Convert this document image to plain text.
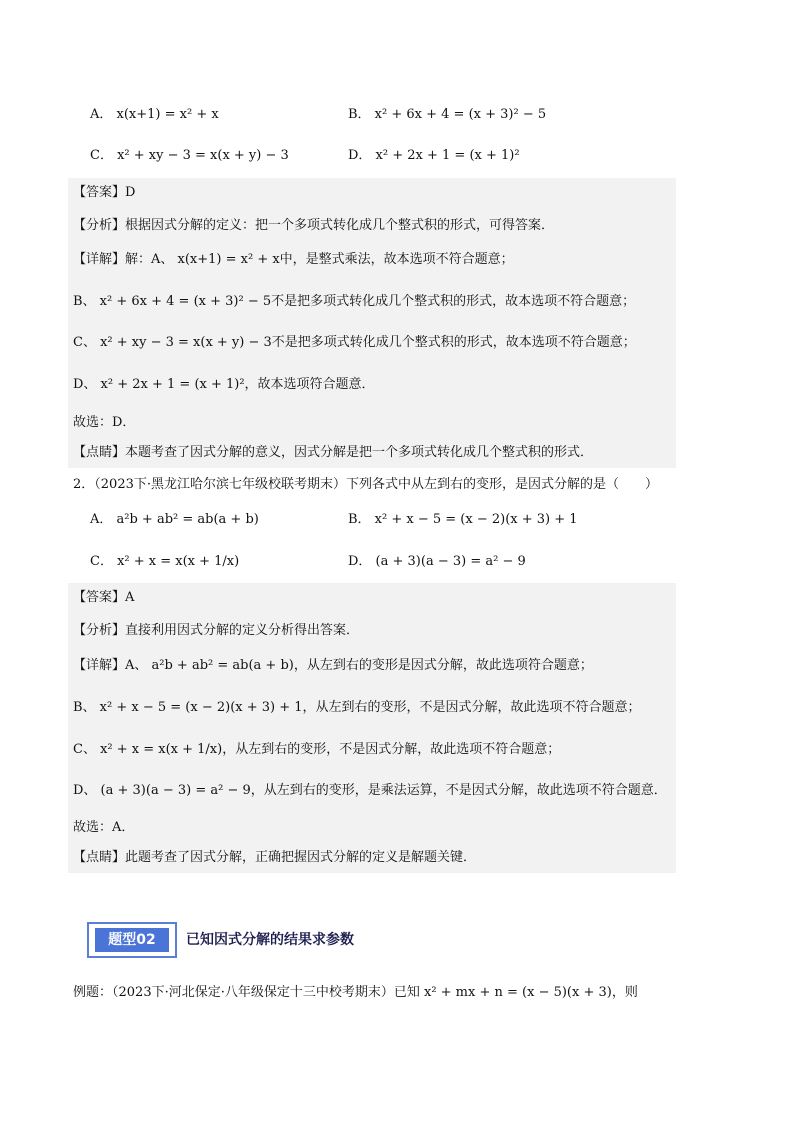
A． x(x+1) = x² + x	B． x² + 6x + 4 = (x + 3)² − 5
C． x² + xy − 3 = x(x + y) − 3	D． x² + 2x + 1 = (x + 1)²
【答案】D
【分析】根据因式分解的定义：把一个多项式转化成几个整式积的形式，可得答案．
【详解】解：A、 x(x+1) = x² + x中，是整式乘法，故本选项不符合题意；
B、 x² + 6x + 4 = (x + 3)² − 5不是把多项式转化成几个整式积的形式，故本选项不符合题意；
C、 x² + xy − 3 = x(x + y) − 3不是把多项式转化成几个整式积的形式，故本选项不符合题意；
D、 x² + 2x + 1 = (x + 1)²，故本选项符合题意．
故选：D．
【点睛】本题考查了因式分解的意义，因式分解是把一个多项式转化成几个整式积的形式．
2．（2023下·黑龙江哈尔滨七年级校联考期末）下列各式中从左到右的变形，是因式分解的是（　　）
A． a²b + ab² = ab(a + b)	B． x² + x − 5 = (x − 2)(x + 3) + 1
C． x² + x = x(x + 1/x)	D． (a + 3)(a − 3) = a² − 9
【答案】A
【分析】直接利用因式分解的定义分析得出答案．
【详解】A、 a²b + ab² = ab(a + b)，从左到右的变形是因式分解，故此选项符合题意；
B、 x² + x − 5 = (x − 2)(x + 3) + 1，从左到右的变形，不是因式分解，故此选项不符合题意；
C、 x² + x = x(x + 1/x)，从左到右的变形，不是因式分解，故此选项不符合题意；
D、 (a + 3)(a − 3) = a² − 9，从左到右的变形，是乘法运算，不是因式分解，故此选项不符合题意．
故选：A．
【点睛】此题考查了因式分解，正确把握因式分解的定义是解题关键．
题型02	已知因式分解的结果求参数
例题：（2023下·河北保定·八年级保定十三中校考期末）已知 x² + mx + n = (x − 5)(x + 3)，则
